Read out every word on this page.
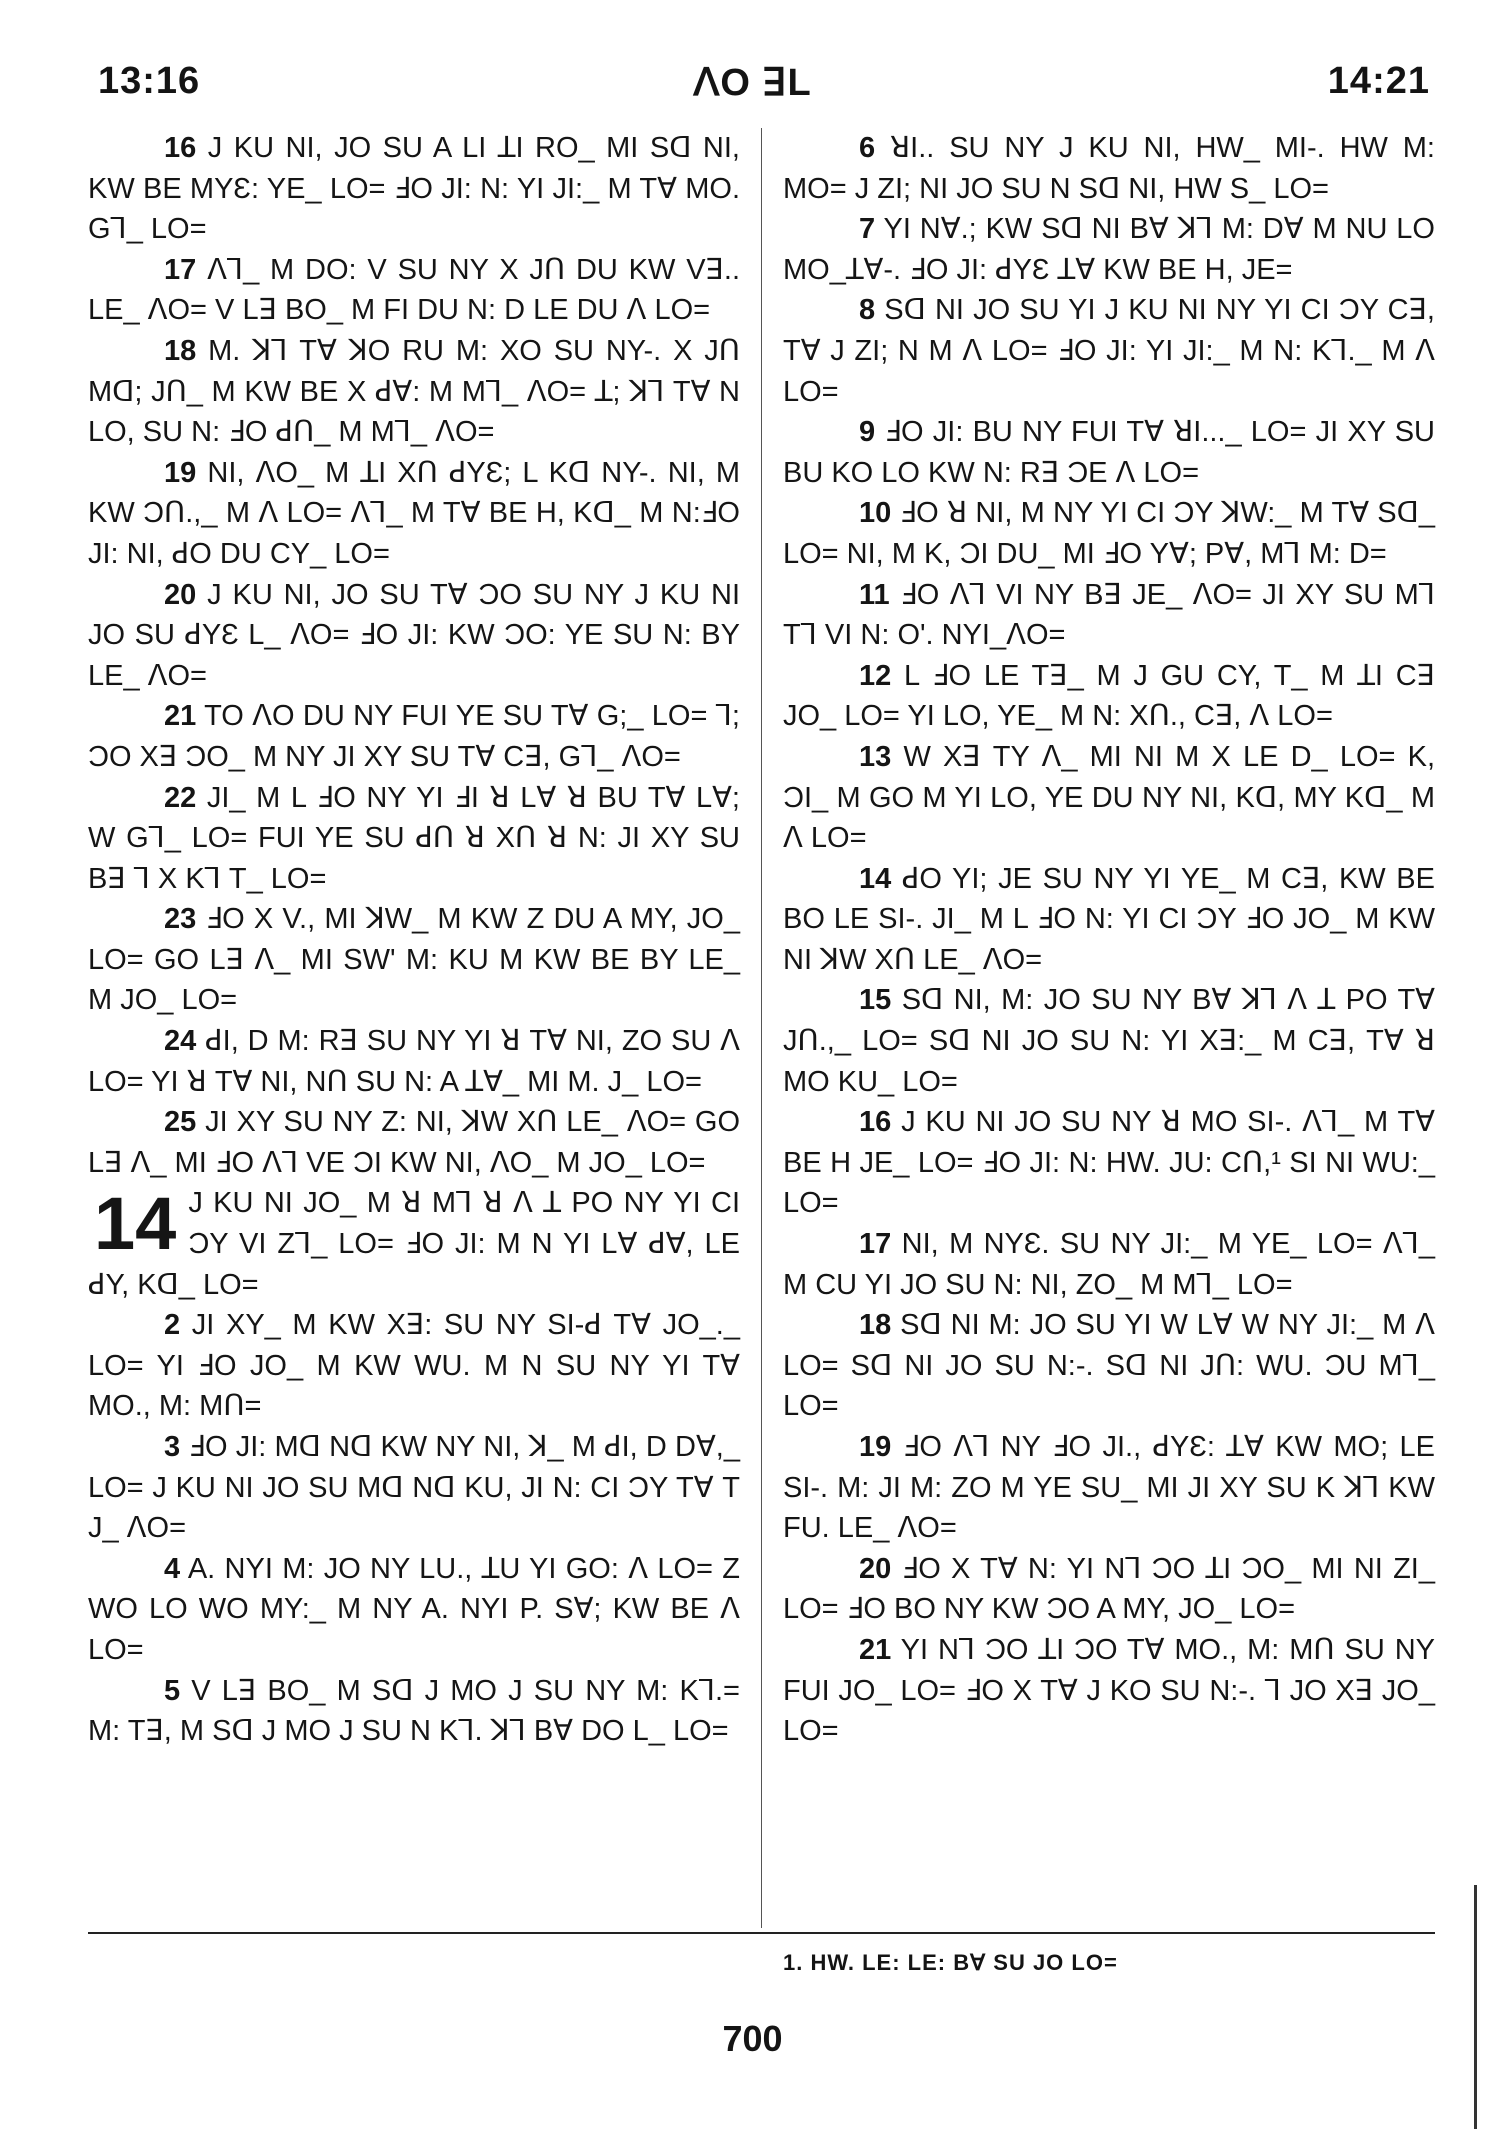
13:16	ꓥO ꓱL	14:21

16 J KU NI, JO SU A LI ꓕI RO_ MI Sꓷ NI, KW BE MYƐ: YE_ LO= ꓞO JI: N: YI JI:_ M Tꓯ MO. Gꓶ_ LO=

17 ꓥꓶ_ M DO: V SU NY X Jꓵ DU KW Vꓱ.. LE_ ꓥO= V Lꓱ BO_ M FI DU N: D LE DU ꓥ LO=

18 M. ꓘꓶ Tꓯ ꓘO RU M: XO SU NY-. X Jꓵ Mꓷ; Jꓵ_ M KW BE X ꓒꓯ: M Mꓶ_ ꓥO= ꓕ; ꓘꓶ Tꓯ N LO, SU N: ꓞO ꓒꓵ_ M Mꓶ_ ꓥO=

19 NI, ꓥO_ M ꓕI Xꓵ ꓒYƐ; L Kꓷ NY-. NI, M KW Ɔꓵ.,_ M ꓥ LO= ꓥꓶ_ M Tꓯ BE H, Kꓷ_ M N:ꓞO JI: NI, ꓒO DU CY_ LO=

20 J KU NI, JO SU Tꓯ ƆO SU NY J KU NI JO SU ꓒYƐ L_ ꓥO= ꓞO JI: KW ƆO: YE SU N: BY LE_ ꓥO=

21 TO ꓥO DU NY FUI YE SU Tꓯ G;_ LO= ꓶ; ƆO Xꓱ ƆO_ M NY JI XY SU Tꓯ Cꓱ, Gꓶ_ ꓥO=

22 JI_ M L ꓞO NY YI ꓞI ꓤ Lꓯ ꓤ BU Tꓯ Lꓯ; W Gꓶ_ LO= FUI YE SU ꓒꓵ ꓤ Xꓵ ꓤ N: JI XY SU Bꓱ ꓶ X Kꓶ T_ LO=

23 ꓞO X V., MI ꓘW_ M KW Z DU A MY, JO_ LO= GO Lꓱ ꓥ_ MI SW' M: KU M KW BE BY LE_ M JO_ LO=

24 ꓒI, D M: Rꓱ SU NY YI ꓤ Tꓯ NI, ZO SU ꓥ LO= YI ꓤ Tꓯ NI, Nꓵ SU N: A ꓕꓯ_ MI M. J_ LO=

25 JI XY SU NY Z: NI, ꓘW Xꓵ LE_ ꓥO= GO Lꓱ ꓥ_ MI ꓞO ꓥꓶ VE ƆI KW NI, ꓥO_ M JO_ LO=

14 J KU NI JO_ M ꓤ Mꓶ ꓤ ꓥ ꓕ PO NY YI CI ƆY VI Zꓶ_ LO= ꓞO JI: M N YI Lꓯ ꓒꓯ, LE ꓒY, Kꓷ_ LO=

2 JI XY_ M KW Xꓱ: SU NY SI-ꓒ Tꓯ JO_._ LO= YI ꓞO JO_ M KW WU. M N SU NY YI Tꓯ MO., M: Mꓵ=

3 ꓞO JI: Mꓷ Nꓷ KW NY NI, ꓘ_ M ꓒI, D Dꓯ,_ LO= J KU NI JO SU Mꓷ Nꓷ KU, JI N: CI ƆY Tꓯ T J_ ꓥO=

4 A. NYI M: JO NY LU., ꓕU YI GO: ꓥ LO= Z WO LO WO MY:_ M NY A. NYI P. Sꓯ; KW BE ꓥ LO=

5 V Lꓱ BO_ M Sꓷ J MO J SU NY M: Kꓶ.= M: Tꓱ, M Sꓷ J MO J SU N Kꓶ. ꓘꓶ Bꓯ DO L_ LO=

6 ꓤI.. SU NY J KU NI, HW_ MI-. HW M: MO= J ZI; NI JO SU N Sꓷ NI, HW S_ LO=

7 YI Nꓯ.; KW Sꓷ NI Bꓯ ꓘꓶ M: Dꓯ M NU LO MO_ꓕꓯ-. ꓞO JI: ꓒYƐ ꓕꓯ KW BE H, JE=

8 Sꓷ NI JO SU YI J KU NI NY YI CI ƆY Cꓱ, Tꓯ J ZI; N M ꓥ LO= ꓞO JI: YI JI:_ M N: Kꓶ._ M ꓥ LO=

9 ꓞO JI: BU NY FUI Tꓯ ꓤI..._ LO= JI XY SU BU KO LO KW N: Rꓱ ƆE ꓥ LO=

10 ꓞO ꓤ NI, M NY YI CI ƆY ꓘW:_ M Tꓯ Sꓷ_ LO= NI, M K, ƆI DU_ MI ꓞO Yꓯ; Pꓯ, Mꓶ M: D=

11 ꓞO ꓥꓶ VI NY Bꓱ JE_ ꓥO= JI XY SU Mꓶ Tꓶ VI N: O'. NYI_ꓥO=

12 L ꓞO LE Tꓱ_ M J GU CY, T_ M ꓕI Cꓱ JO_ LO= YI LO, YE_ M N: Xꓵ., Cꓱ, ꓥ LO=

13 W Xꓱ TY ꓥ_ MI NI M X LE D_ LO= K, ƆI_ M GO M YI LO, YE DU NY NI, Kꓷ, MY Kꓷ_ M ꓥ LO=

14 ꓒO YI; JE SU NY YI YE_ M Cꓱ, KW BE BO LE SI-. JI_ M L ꓞO N: YI CI ƆY ꓞO JO_ M KW NI ꓘW Xꓵ LE_ ꓥO=

15 Sꓷ NI, M: JO SU NY Bꓯ ꓘꓶ ꓥ ꓕ PO Tꓯ Jꓵ.,_ LO= Sꓷ NI JO SU N: YI Xꓱ:_ M Cꓱ, Tꓯ ꓤ MO KU_ LO=

16 J KU NI JO SU NY ꓤ MO SI-. ꓥꓶ_ M Tꓯ BE H JE_ LO= ꓞO JI: N: HW. JU: Cꓵ,¹ SI NI WU:_ LO=

17 NI, M NYƐ. SU NY JI:_ M YE_ LO= ꓥꓶ_ M CU YI JO SU N: NI, ZO_ M Mꓶ_ LO=

18 Sꓷ NI M: JO SU YI W Lꓯ W NY JI:_ M ꓥ LO= Sꓷ NI JO SU N:-. Sꓷ NI Jꓵ: WU. ƆU Mꓶ_ LO=

19 ꓞO ꓥꓶ NY ꓞO JI., ꓒYƐ: ꓕꓯ KW MO; LE SI-. M: JI M: ZO M YE SU_ MI JI XY SU K ꓘꓶ KW FU. LE_ ꓥO=

20 ꓞO X Tꓯ N: YI Nꓶ ƆO ꓕI ƆO_ MI NI ZI_ LO= ꓞO BO NY KW ƆO A MY, JO_ LO=

21 YI Nꓶ ƆO ꓕI ƆO Tꓯ MO., M: Mꓵ SU NY FUI JO_ LO= ꓞO X Tꓯ J KO SU N:-. ꓶ JO Xꓱ JO_ LO=

1. HW. LE: LE: Bꓯ SU JO LO=
700
